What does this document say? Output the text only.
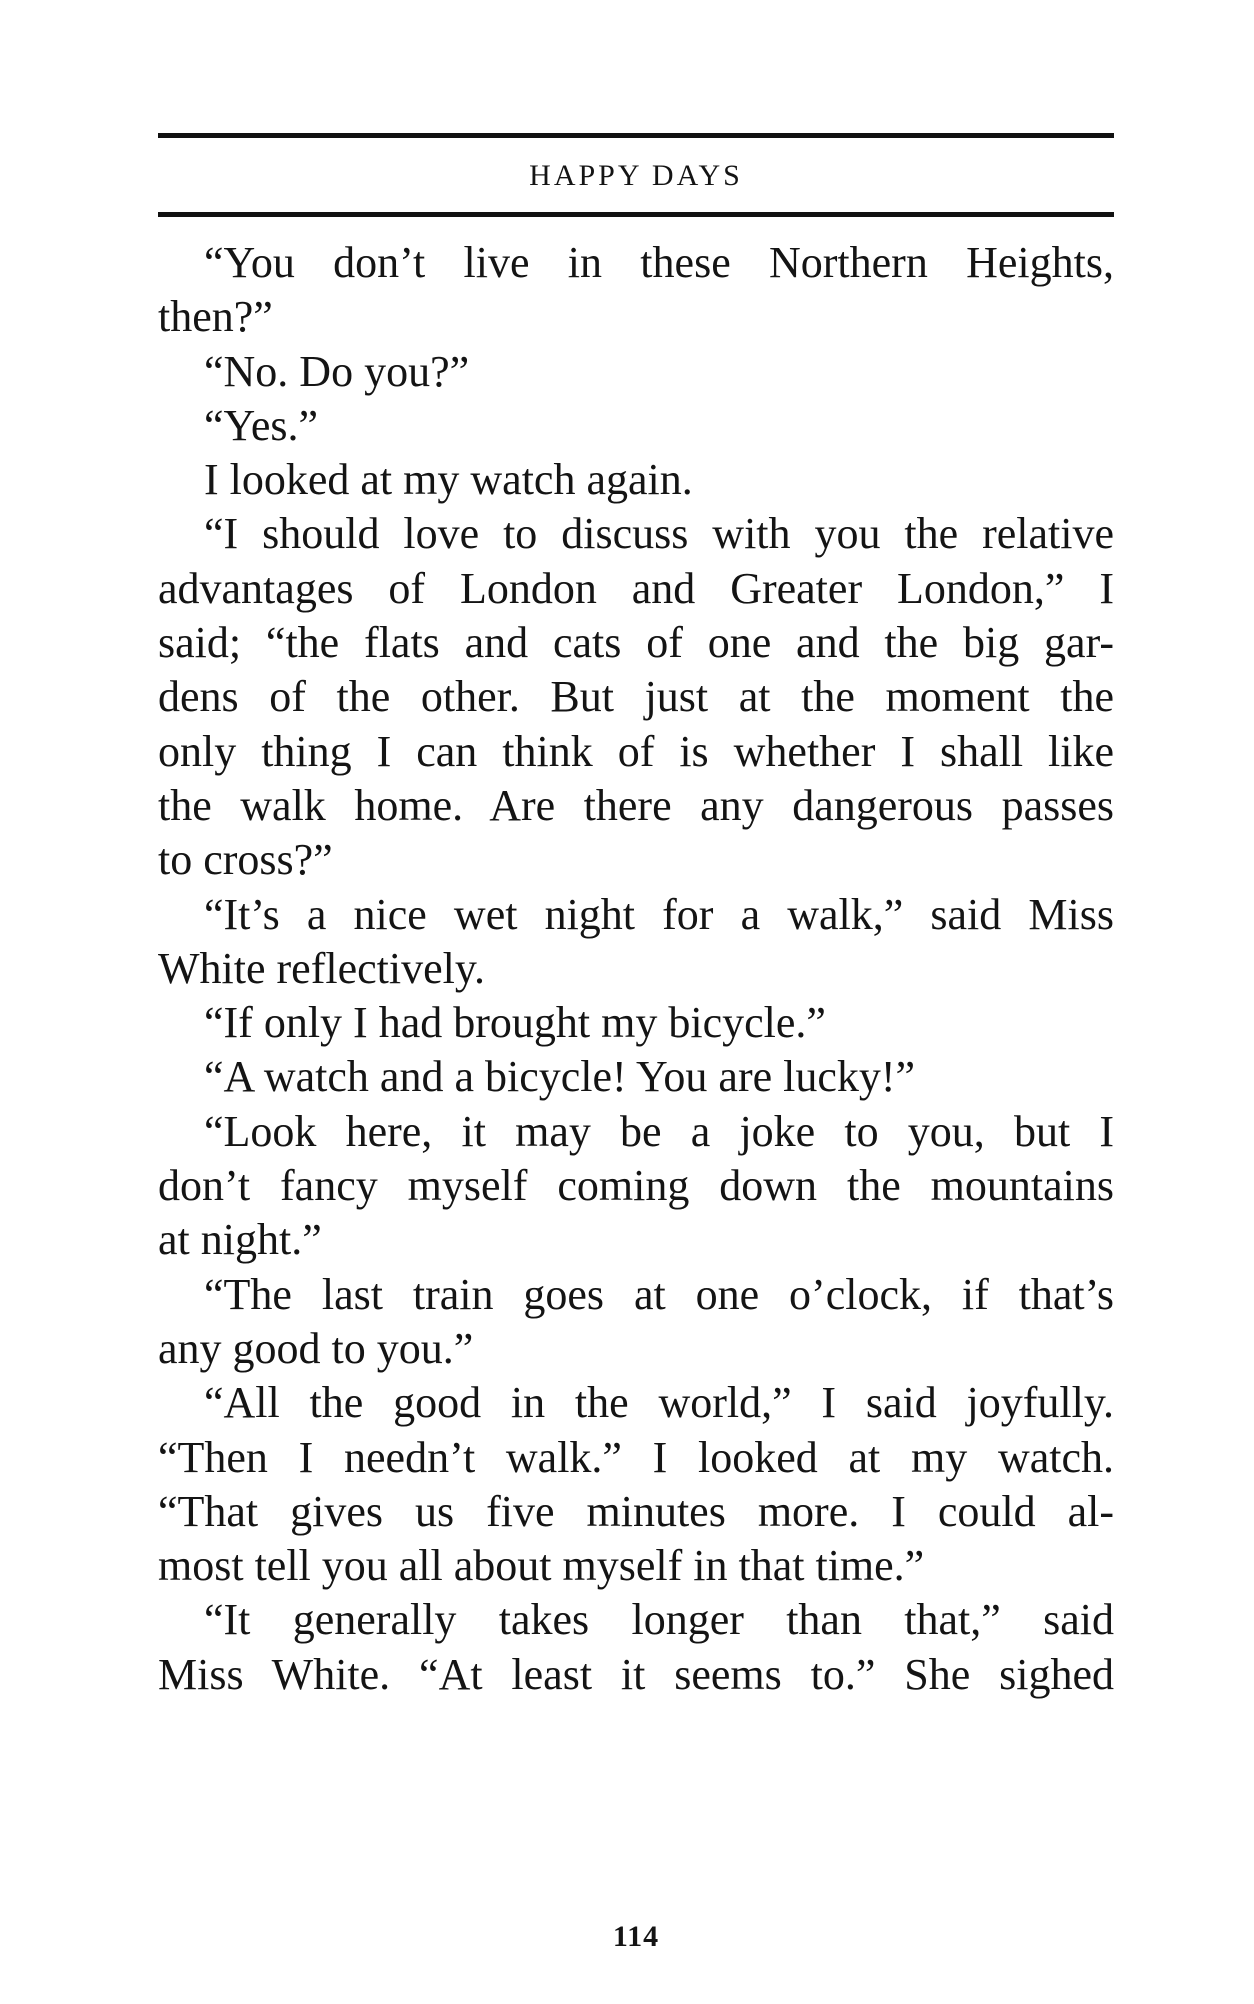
HAPPY DAYS
“You don’t live in these Northern Heights,
then?”
“No. Do you?”
“Yes.”
I looked at my watch again.
“I should love to discuss with you the relative
advantages of London and Greater London,” I
said; “the flats and cats of one and the big gar-
dens of the other. But just at the moment the
only thing I can think of is whether I shall like
the walk home. Are there any dangerous passes
to cross?”
“It’s a nice wet night for a walk,” said Miss
White reflectively.
“If only I had brought my bicycle.”
“A watch and a bicycle! You are lucky!”
“Look here, it may be a joke to you, but I
don’t fancy myself coming down the mountains
at night.”
“The last train goes at one o’clock, if that’s
any good to you.”
“All the good in the world,” I said joyfully.
“Then I needn’t walk.” I looked at my watch.
“That gives us five minutes more. I could al-
most tell you all about myself in that time.”
“It generally takes longer than that,” said
Miss White. “At least it seems to.” She sighed
114
